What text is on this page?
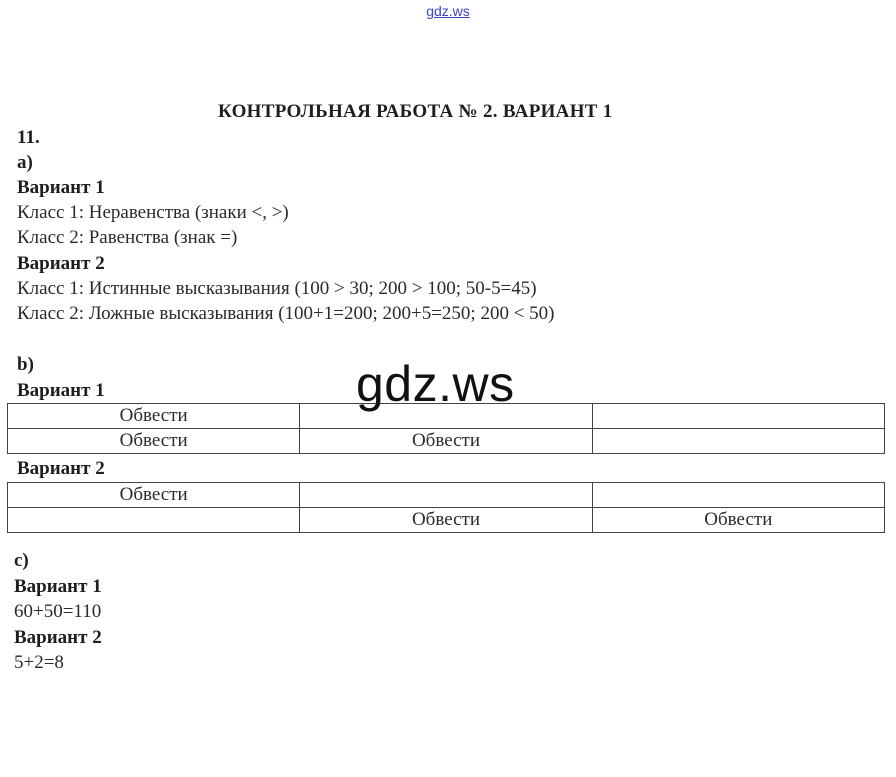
gdz.ws
КОНТРОЛЬНАЯ РАБОТА № 2. ВАРИАНТ 1
11.
а)
Вариант 1
Класс 1: Неравенства (знаки <, >)
Класс 2: Равенства (знак =)
Вариант 2
Класс 1: Истинные высказывания (100 > 30; 200 > 100; 50-5=45)
Класс 2: Ложные высказывания (100+1=200; 200+5=250; 200 < 50)
b)
Вариант 1
Обвести		
Обвести	Обвести	
gdz.ws
Вариант 2
Обвести		
	Обвести	Обвести
с)
Вариант 1
60+50=110
Вариант 2
5+2=8
